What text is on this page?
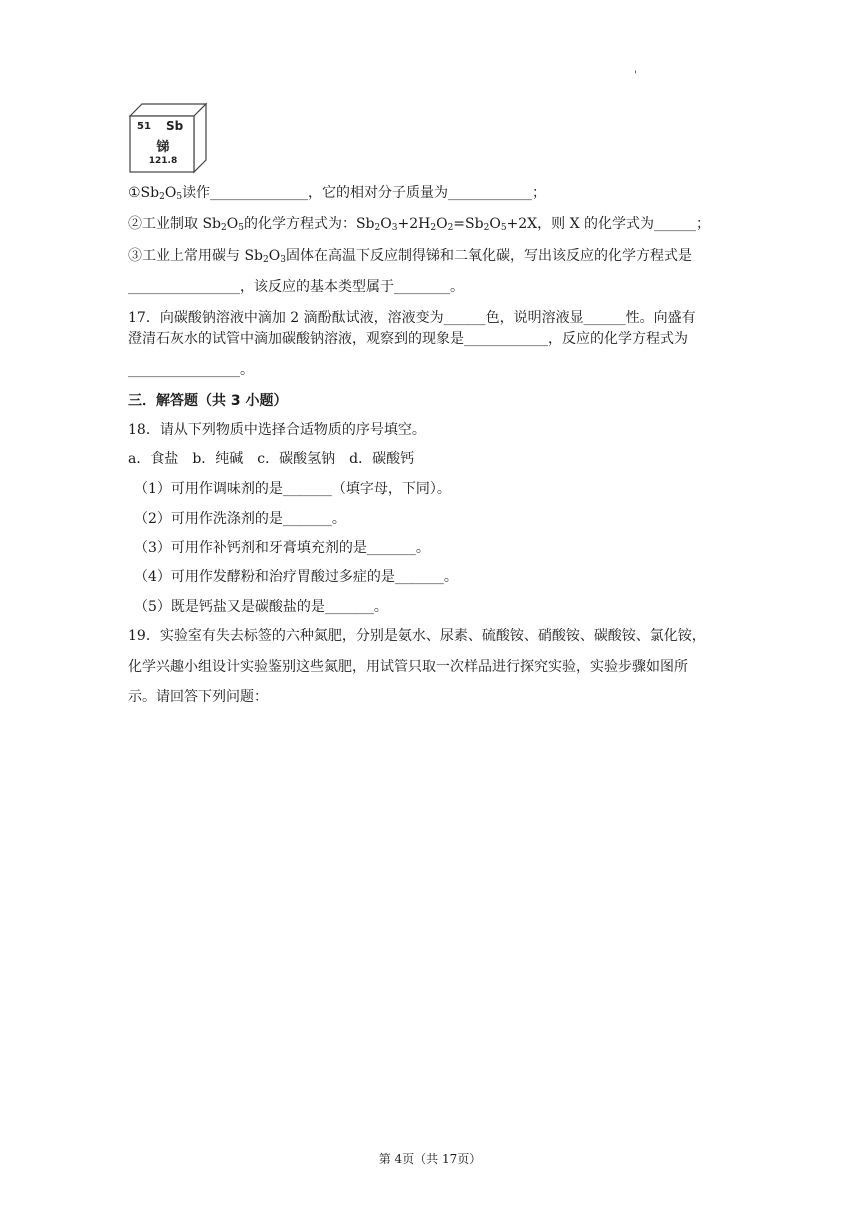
'
51 Sb
锑
121.8
$①Sb_2O_5$读作______________，它的相对分子质量为____________；
②工业制取 $Sb_2O_5$的化学方程式为：$Sb_2O_3+2H_2O_2=Sb_2O_5+2X$，则 X 的化学式为______；
③工业上常用碳与 $Sb_2O_3$固体在高温下反应制得锑和二氧化碳，写出该反应的化学方程式是
________________，该反应的基本类型属于________。
17．向碳酸钠溶液中滴加 2 滴酚酞试液，溶液变为______色，说明溶液显______性。向盛有
澄清石灰水的试管中滴加碳酸钠溶液，观察到的现象是____________，反应的化学方程式为
________________。
三．解答题（共 3 小题）
18．请从下列物质中选择合适物质的序号填空。
a．食盐　b．纯碱　c．碳酸氢钠　d．碳酸钙
（1）可用作调味剂的是_______（填字母，下同）。
（2）可用作洗涤剂的是_______。
（3）可用作补钙剂和牙膏填充剂的是_______。
（4）可用作发酵粉和治疗胃酸过多症的是_______。
（5）既是钙盐又是碳酸盐的是_______。
19．实验室有失去标签的六种氮肥，分别是氨水、尿素、硫酸铵、硝酸铵、碳酸铵、氯化铵，
化学兴趣小组设计实验鉴别这些氮肥，用试管只取一次样品进行探究实验，实验步骤如图所
示。请回答下列问题：
第 4页（共 17页）
